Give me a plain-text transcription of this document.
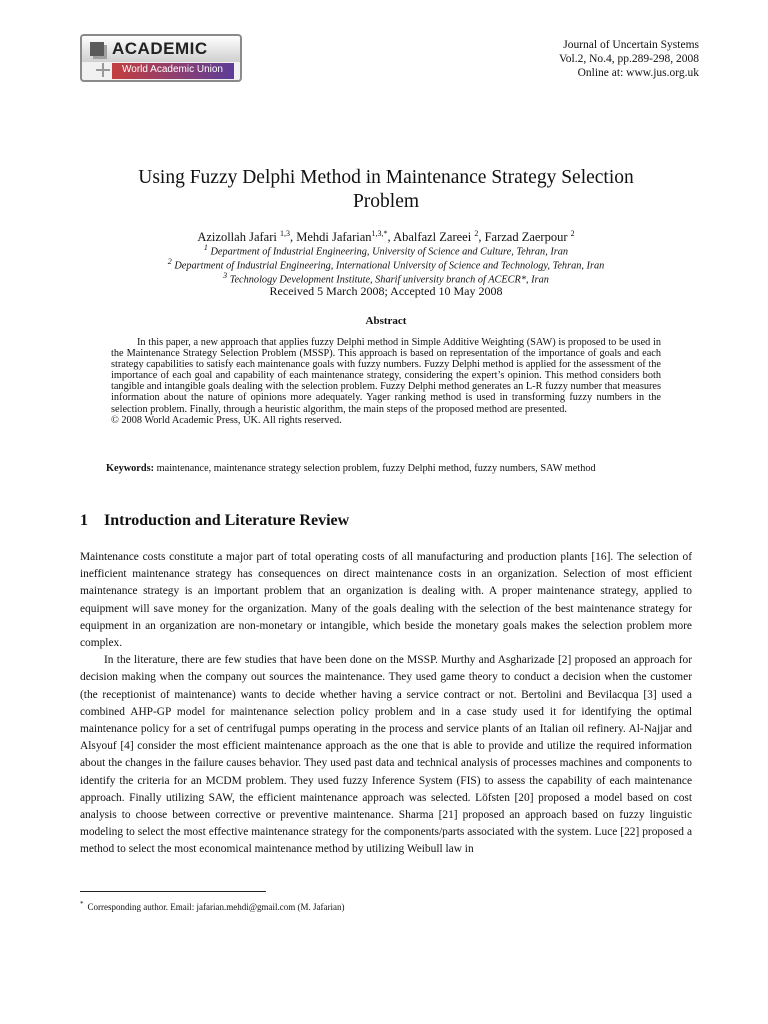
ACADEMIC
World Academic Union
Journal of Uncertain Systems
Vol.2, No.4, pp.289-298, 2008
Online at: www.jus.org.uk
Using Fuzzy Delphi Method in Maintenance Strategy Selection
Problem
Azizollah Jafari $^{1,3}$, Mehdi Jafarian$^{1,3,*}$, Abalfazl Zareei $^2$, Farzad Zaerpour $^2$
$^1$ Department of Industrial Engineering, University of Science and Culture, Tehran, Iran
$^2$ Department of Industrial Engineering, International University of Science and Technology, Tehran, Iran
$^3$ Technology Development Institute, Sharif university branch of ACECR*, Iran
Received 5 March 2008; Accepted 10 May 2008
Abstract

In this paper, a new approach that applies fuzzy Delphi method in Simple Additive Weighting (SAW) is proposed to be used in the Maintenance Strategy Selection Problem (MSSP). This approach is based on representation of the importance of goals and each strategy capabilities to satisfy each maintenance goals with fuzzy numbers. Fuzzy Delphi method is applied for the assessment of the importance of each goal and capability of each maintenance strategy, considering the expert’s opinion. This method considers both tangible and intangible goals dealing with the selection problem. Fuzzy Delphi method generates an L-R fuzzy number that measures information about the nature of opinions more adequately. Yager ranking method is used in transforming fuzzy numbers in the selection problem. Finally, through a heuristic algorithm, the main steps of the proposed method are presented.

© 2008 World Academic Press, UK. All rights reserved.

Keywords: maintenance, maintenance strategy selection problem, fuzzy Delphi method, fuzzy numbers, SAW method
1 Introduction and Literature Review

Maintenance costs constitute a major part of total operating costs of all manufacturing and production plants [16]. The selection of inefficient maintenance strategy has consequences on direct maintenance costs in an organization. Selection of most efficient maintenance strategy is an important problem that an organization is dealing with. A proper maintenance strategy, applied to equipment will save money for the organization. Many of the goals dealing with the selection of the best maintenance strategy for equipment in an organization are non-monetary or intangible, which beside the monetary goals makes the selection problem more complex.

In the literature, there are few studies that have been done on the MSSP. Murthy and Asgharizade [2] proposed an approach for decision making when the company out sources the maintenance. They used game theory to conduct a decision when the customer (the receptionist of maintenance) wants to decide whether having a service contract or not. Bertolini and Bevilacqua [3] used a combined AHP-GP model for maintenance selection policy problem and in a case study used it for identifying the optimal maintenance policy for a set of centrifugal pumps operating in the process and service plants of an Italian oil refinery. Al-Najjar and Alsyouf [4] consider the most efficient maintenance approach as the one that is able to provide and utilize the required information about the changes in the failure causes behavior. They used past data and technical analysis of processes machines and components to identify the criteria for an MCDM problem. They used fuzzy Inference System (FIS) to assess the capability of each maintenance approach. Finally utilizing SAW, the efficient maintenance approach was selected. Löfsten [20] proposed a model based on cost analysis to choose between corrective or preventive maintenance. Sharma [21] proposed an approach based on fuzzy linguistic modeling to select the most effective maintenance strategy for the components/parts associated with the system. Luce [22] proposed a method to select the most economical maintenance method by utilizing Weibull law in

* Corresponding author. Email: jafarian.mehdi@gmail.com (M. Jafarian)
